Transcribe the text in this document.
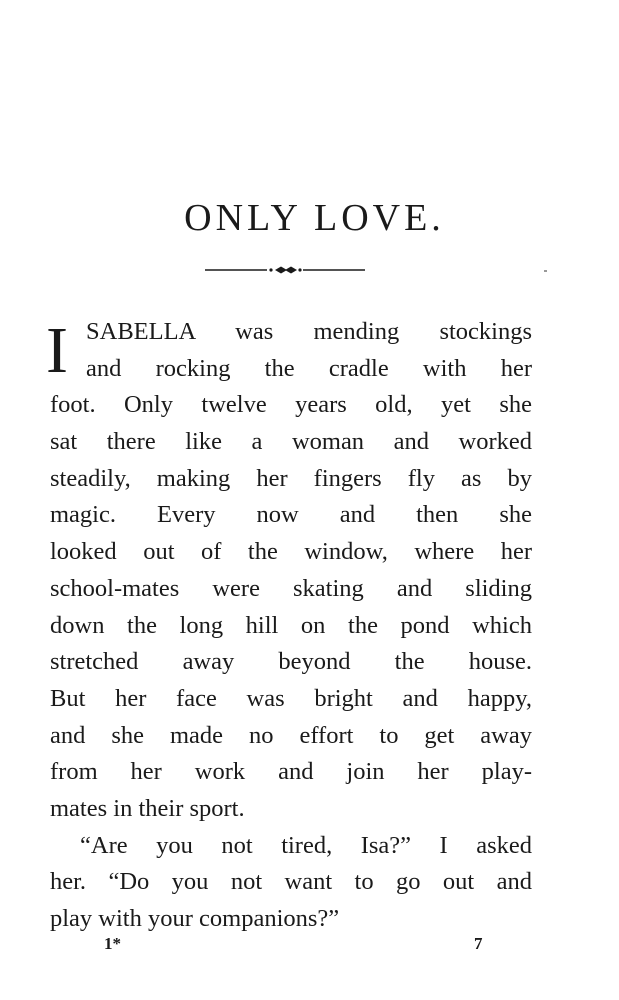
ONLY LOVE.
I SABELLA was mending stockings
and rocking the cradle with her
foot. Only twelve years old, yet she
sat there like a woman and worked
steadily, making her fingers fly as by
magic. Every now and then she
looked out of the window, where her
school-mates were skating and sliding
down the long hill on the pond which
stretched away beyond the house.
But her face was bright and happy,
and she made no effort to get away
from her work and join her play-
mates in their sport.
“Are you not tired, Isa?” I asked
her. “Do you not want to go out and
play with your companions?”
1*	7
